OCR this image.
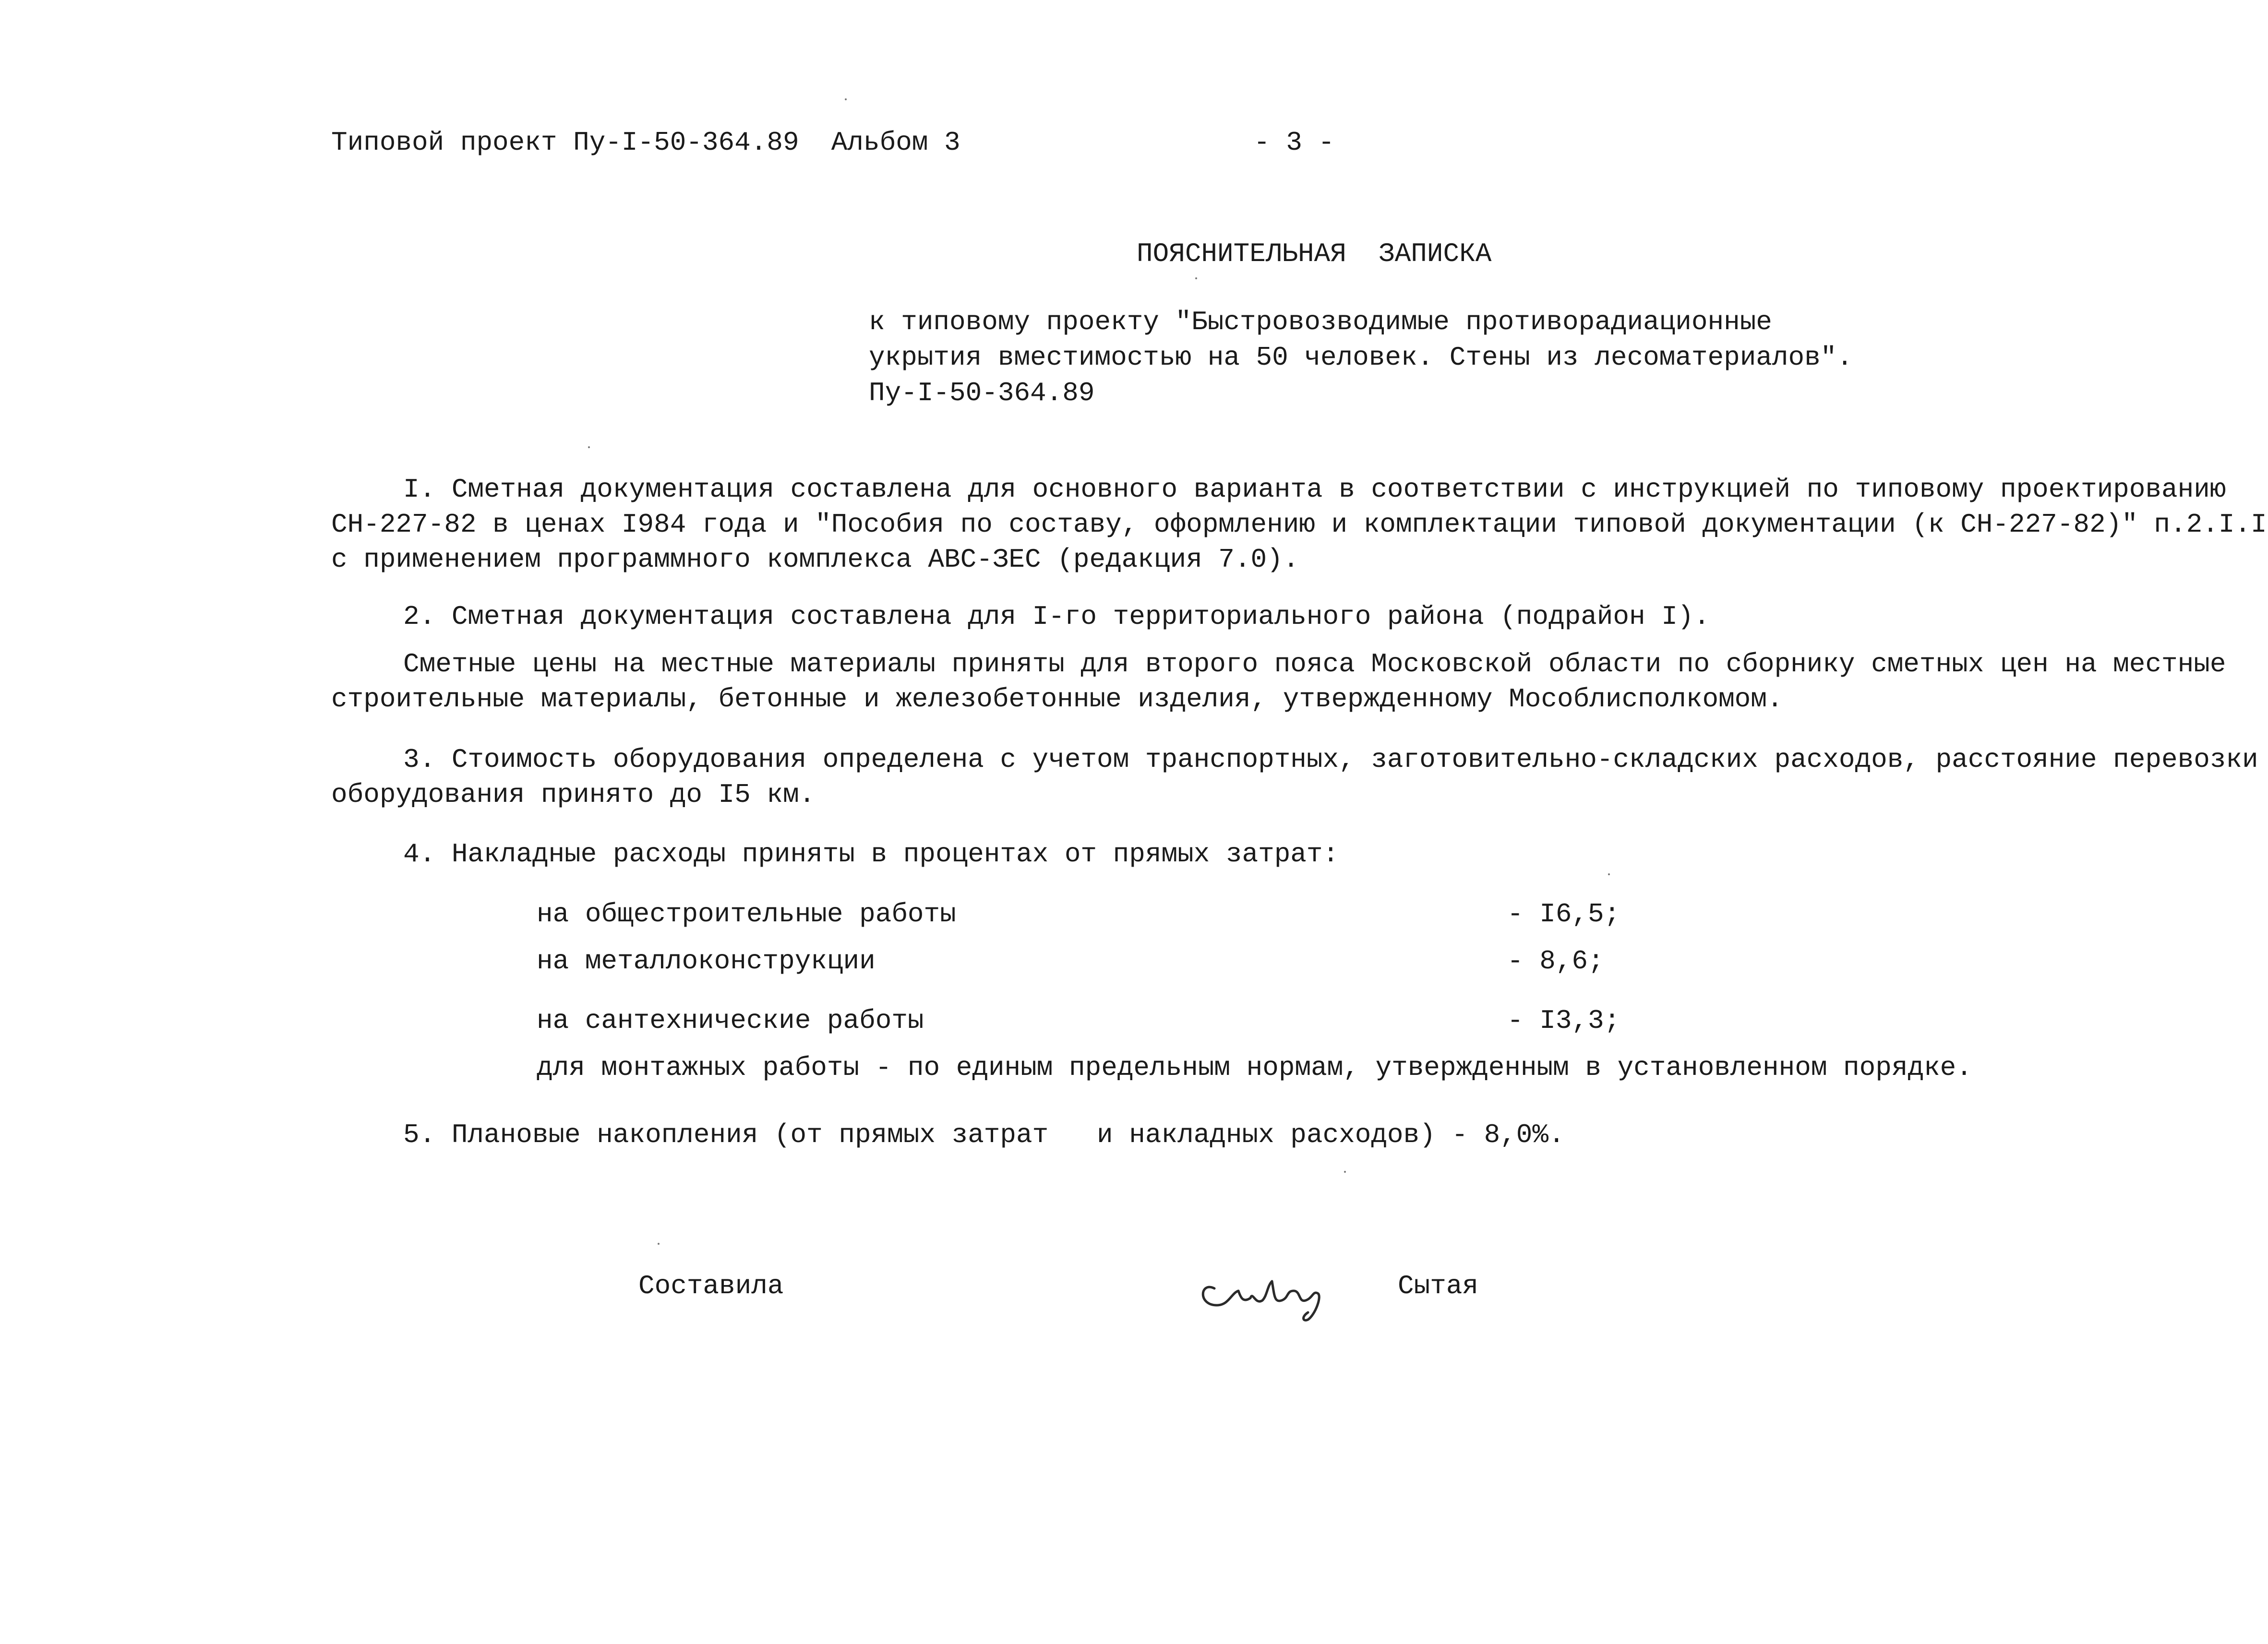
Типовой проект Пу-I-50-364.89  Альбом 3	- 3 -
ПОЯСНИТЕЛЬНАЯ  ЗАПИСКА
к типовому проекту "Быстровозводимые противорадиационные
укрытия вместимостью на 50 человек. Стены из лесоматериалов".
Пу-I-50-364.89
I. Сметная документация составлена для основного варианта в соответствии с инструкцией по типовому проектированию
СН-227-82 в ценах I984 года и "Пособия по составу, оформлению и комплектации типовой документации (к СН-227-82)" п.2.I.I
с применением программного комплекса АВС-ЗЕС (редакция 7.0).
2. Сметная документация составлена для I-го территориального района (подрайон I).
Сметные цены на местные материалы приняты для второго пояса Московской области по сборнику сметных цен на местные
строительные материалы, бетонные и железобетонные изделия, утвержденному Мособлисполкомом.
3. Стоимость оборудования определена с учетом транспортных, заготовительно-складских расходов, расстояние перевозки
оборудования принято до I5 км.
4. Накладные расходы приняты в процентах от прямых затрат:
на общестроительные работы	- I6,5;
на металлоконструкции	- 8,6;
на сантехнические работы	- I3,3;
для монтажных работы - по единым предельным нормам, утвержденным в установленном порядке.
5. Плановые накопления (от прямых затрат   и накладных расходов) - 8,0%.
Составила	Сытая
